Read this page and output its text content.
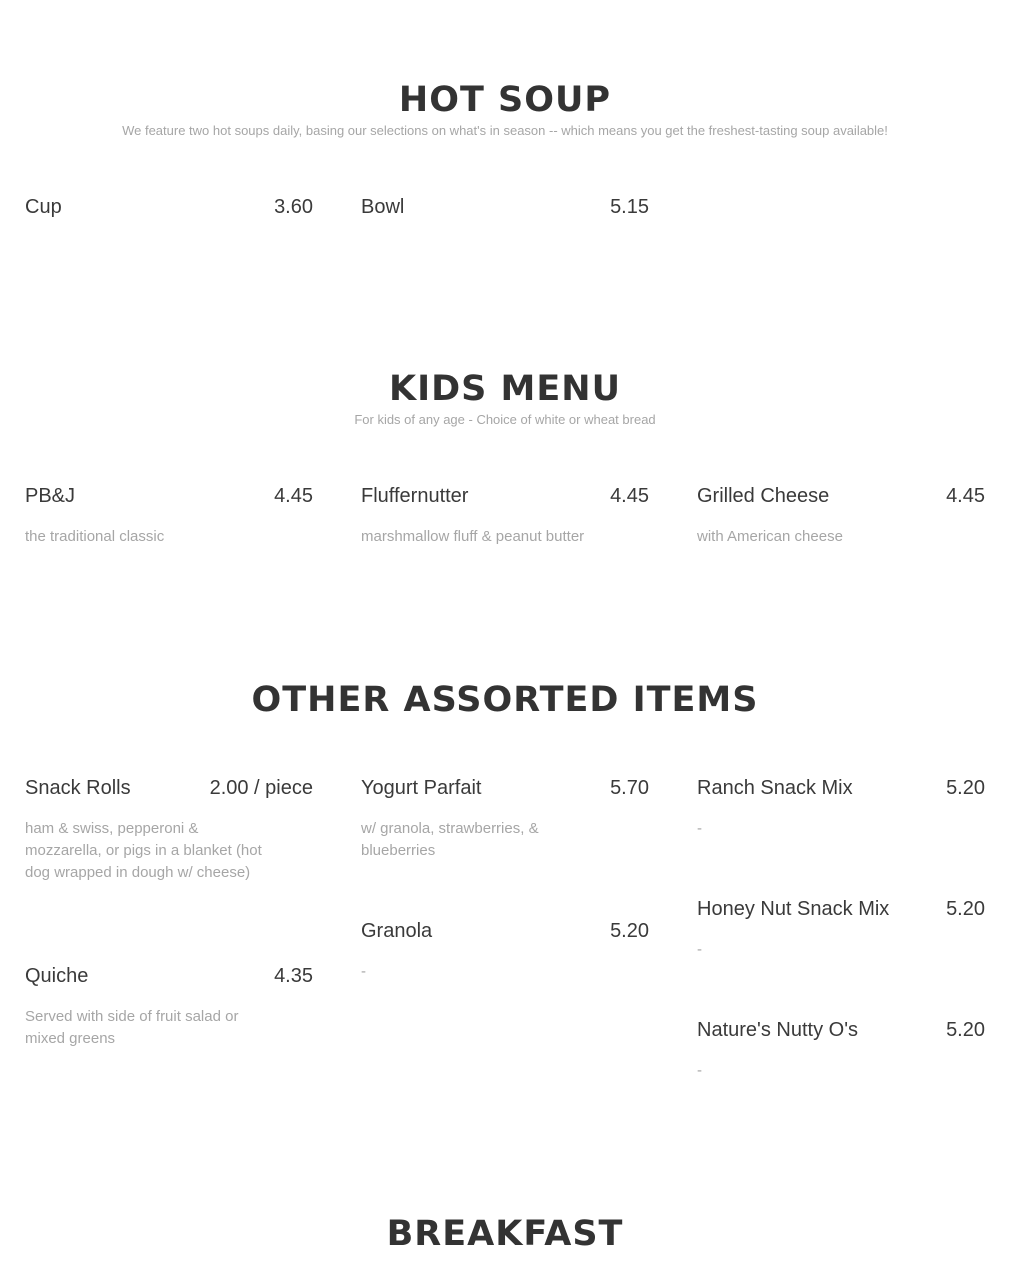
HOT SOUP
We feature two hot soups daily, basing our selections on what's in season -- which means you get the freshest-tasting soup available!
Cup	3.60 Bowl	5.15
KIDS MENU
For kids of any age - Choice of white or wheat bread
PB&J	4.45
the traditional classic
Fluffernutter	4.45
marshmallow fluff & peanut butter
Grilled Cheese	4.45
with American cheese
OTHER ASSORTED ITEMS
Snack Rolls	2.00 / piece
ham & swiss, pepperoni & mozzarella, or pigs in a blanket (hot dog wrapped in dough w/ cheese)
Quiche	4.35
Served with side of fruit salad or mixed greens
Yogurt Parfait	5.70
w/ granola, strawberries, & blueberries
Granola	5.20
-
Ranch Snack Mix	5.20
-
Honey Nut Snack Mix	5.20
-
Nature's Nutty O's	5.20
-
BREAKFAST
